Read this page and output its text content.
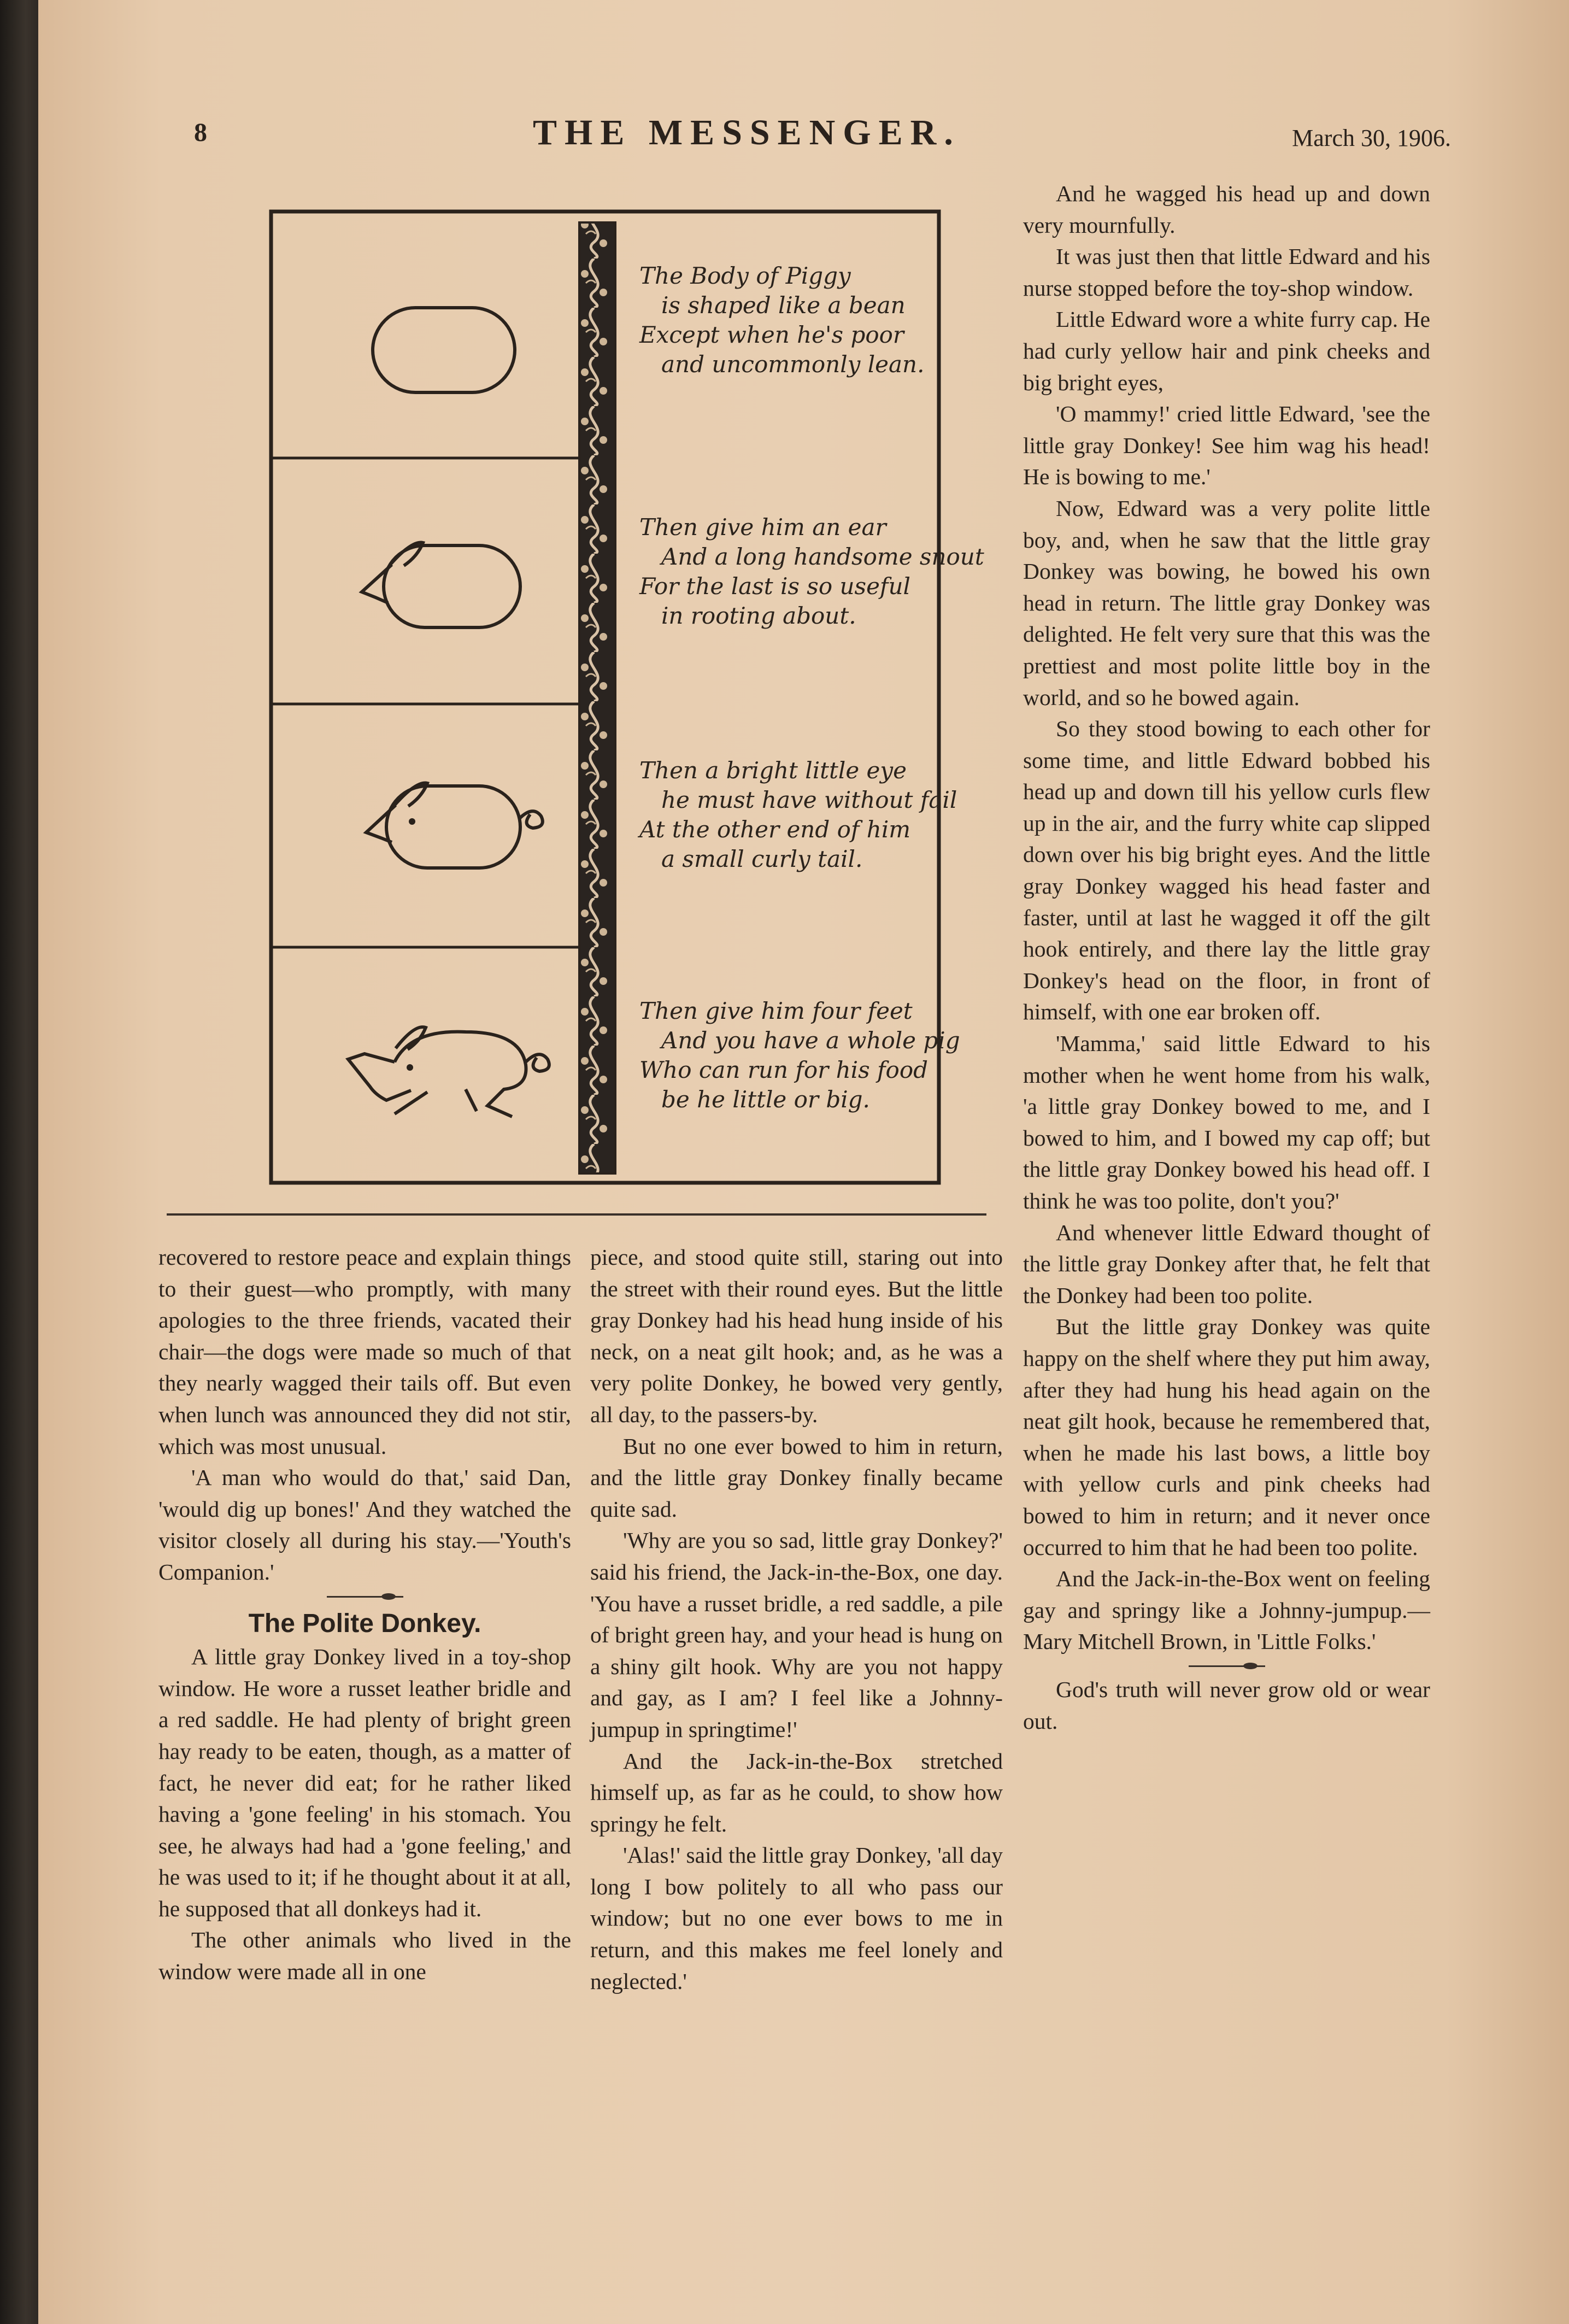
8	THE MESSENGER.	March 30, 1906.
The Body of Piggy
is shaped like a bean
Except when he's poor
and uncommonly lean.
Then give him an ear
And a long handsome snout
For the last is so useful
in rooting about.
Then a bright little eye
he must have without fail
At the other end of him
a small curly tail.
Then give him four feet
And you have a whole pig
Who can run for his food
be he little or big.

recovered to restore peace and explain things to their guest—who promptly, with many apologies to the three friends, vacated their chair—the dogs were made so much of that they nearly wagged their tails off. But even when lunch was announced they did not stir, which was most unusual.

'A man who would do that,' said Dan, 'would dig up bones!' And they watched the visitor closely all during his stay.—'Youth's Companion.'

The Polite Donkey.

A little gray Donkey lived in a toy-shop window. He wore a russet leather bridle and a red saddle. He had plenty of bright green hay ready to be eaten, though, as a matter of fact, he never did eat; for he rather liked having a 'gone feeling' in his stomach. You see, he always had had a 'gone feeling,' and he was used to it; if he thought about it at all, he supposed that all donkeys had it.

The other animals who lived in the window were made all in one

piece, and stood quite still, staring out into the street with their round eyes. But the little gray Donkey had his head hung inside of his neck, on a neat gilt hook; and, as he was a very polite Donkey, he bowed very gently, all day, to the passers-by.

But no one ever bowed to him in return, and the little gray Donkey finally became quite sad.

'Why are you so sad, little gray Donkey?' said his friend, the Jack-in-the-Box, one day. 'You have a russet bridle, a red saddle, a pile of bright green hay, and your head is hung on a shiny gilt hook. Why are you not happy and gay, as I am? I feel like a Johnny-jumpup in springtime!'

And the Jack-in-the-Box stretched himself up, as far as he could, to show how springy he felt.

'Alas!' said the little gray Donkey, 'all day long I bow politely to all who pass our window; but no one ever bows to me in return, and this makes me feel lonely and neglected.'

And he wagged his head up and down very mournfully.

It was just then that little Edward and his nurse stopped before the toy-shop window.

Little Edward wore a white furry cap. He had curly yellow hair and pink cheeks and big bright eyes,

'O mammy!' cried little Edward, 'see the little gray Donkey! See him wag his head! He is bowing to me.'

Now, Edward was a very polite little boy, and, when he saw that the little gray Donkey was bowing, he bowed his own head in return. The little gray Donkey was delighted. He felt very sure that this was the prettiest and most polite little boy in the world, and so he bowed again.

So they stood bowing to each other for some time, and little Edward bobbed his head up and down till his yellow curls flew up in the air, and the furry white cap slipped down over his big bright eyes. And the little gray Donkey wagged his head faster and faster, until at last he wagged it off the gilt hook entirely, and there lay the little gray Donkey's head on the floor, in front of himself, with one ear broken off.

'Mamma,' said little Edward to his mother when he went home from his walk, 'a little gray Donkey bowed to me, and I bowed to him, and I bowed my cap off; but the little gray Donkey bowed his head off. I think he was too polite, don't you?'

And whenever little Edward thought of the little gray Donkey after that, he felt that the Donkey had been too polite.

But the little gray Donkey was quite happy on the shelf where they put him away, after they had hung his head again on the neat gilt hook, because he remembered that, when he made his last bows, a little boy with yellow curls and pink cheeks had bowed to him in return; and it never once occurred to him that he had been too polite.

And the Jack-in-the-Box went on feeling gay and springy like a Johnny-jumpup.—Mary Mitchell Brown, in 'Little Folks.'

God's truth will never grow old or wear out.
